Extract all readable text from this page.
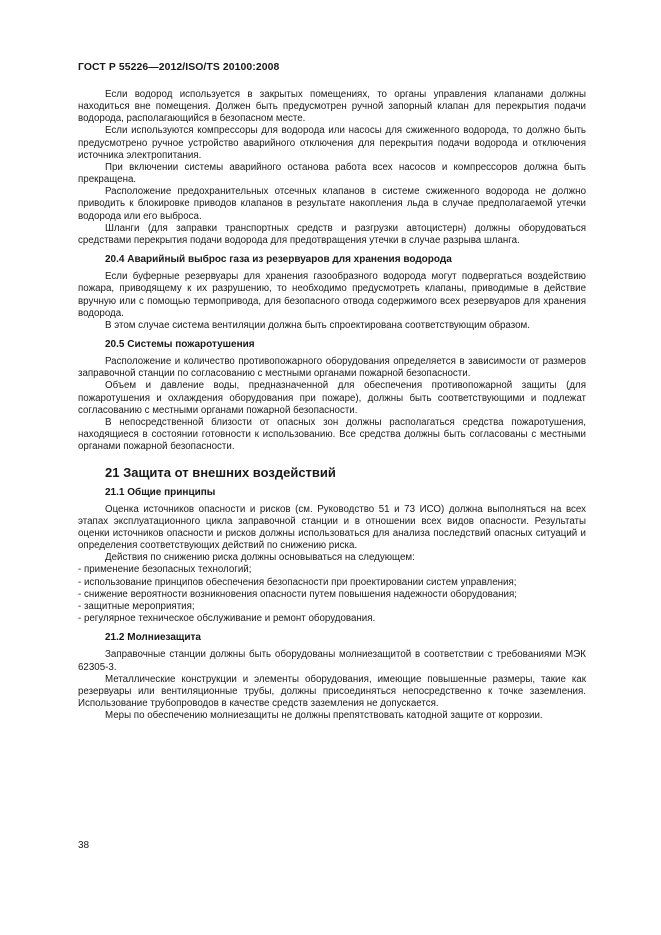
ГОСТ Р 55226—2012/ISO/TS 20100:2008

Если водород используется в закрытых помещениях, то органы управления клапанами должны находиться вне помещения. Должен быть предусмотрен ручной запорный клапан для перекрытия подачи водорода, располагающийся в безопасном месте.

Если используются компрессоры для водорода или насосы для сжиженного водорода, то должно быть предусмотрено ручное устройство аварийного отключения для перекрытия подачи водорода и отключения источника электропитания.

При включении системы аварийного останова работа всех насосов и компрессоров должна быть прекращена.

Расположение предохранительных отсечных клапанов в системе сжиженного водорода не должно приводить к блокировке приводов клапанов в результате накопления льда в случае предполагаемой утечки водорода или его выброса.

Шланги (для заправки транспортных средств и разгрузки автоцистерн) должны оборудоваться средствами перекрытия подачи водорода для предотвращения утечки в случае разрыва шланга.

20.4 Аварийный выброс газа из резервуаров для хранения водорода

Если буферные резервуары для хранения газообразного водорода могут подвергаться воздействию пожара, приводящему к их разрушению, то необходимо предусмотреть клапаны, приводимые в действие вручную или с помощью термопривода, для безопасного отвода содержимого всех резервуаров для хранения водорода.

В этом случае система вентиляции должна быть спроектирована соответствующим образом.

20.5 Системы пожаротушения

Расположение и количество противопожарного оборудования определяется в зависимости от размеров заправочной станции по согласованию с местными органами пожарной безопасности.

Объем и давление воды, предназначенной для обеспечения противопожарной защиты (для пожаротушения и охлаждения оборудования при пожаре), должны быть соответствующими и подлежат согласованию с местными органами пожарной безопасности.

В непосредственной близости от опасных зон должны располагаться средства пожаротушения, находящиеся в состоянии готовности к использованию. Все средства должны быть согласованы с местными органами пожарной безопасности.

21 Защита от внешних воздействий
21.1 Общие принципы

Оценка источников опасности и рисков (см. Руководство 51 и 73 ИСО) должна выполняться на всех этапах эксплуатационного цикла заправочной станции и в отношении всех видов опасности. Результаты оценки источников опасности и рисков должны использоваться для анализа последствий опасных ситуаций и определения соответствующих действий по снижению риска.

Действия по снижению риска должны основываться на следующем:

- применение безопасных технологий;

- использование принципов обеспечения безопасности при проектировании систем управления;

- снижение вероятности возникновения опасности путем повышения надежности оборудования;

- защитные мероприятия;

- регулярное техническое обслуживание и ремонт оборудования.

21.2 Молниезащита

Заправочные станции должны быть оборудованы молниезащитой в соответствии с требованиями МЭК 62305-3.

Металлические конструкции и элементы оборудования, имеющие повышенные размеры, такие как резервуары или вентиляционные трубы, должны присоединяться непосредственно к точке заземления. Использование трубопроводов в качестве средств заземления не допускается.

Меры по обеспечению молниезащиты не должны препятствовать катодной защите от коррозии.

38
